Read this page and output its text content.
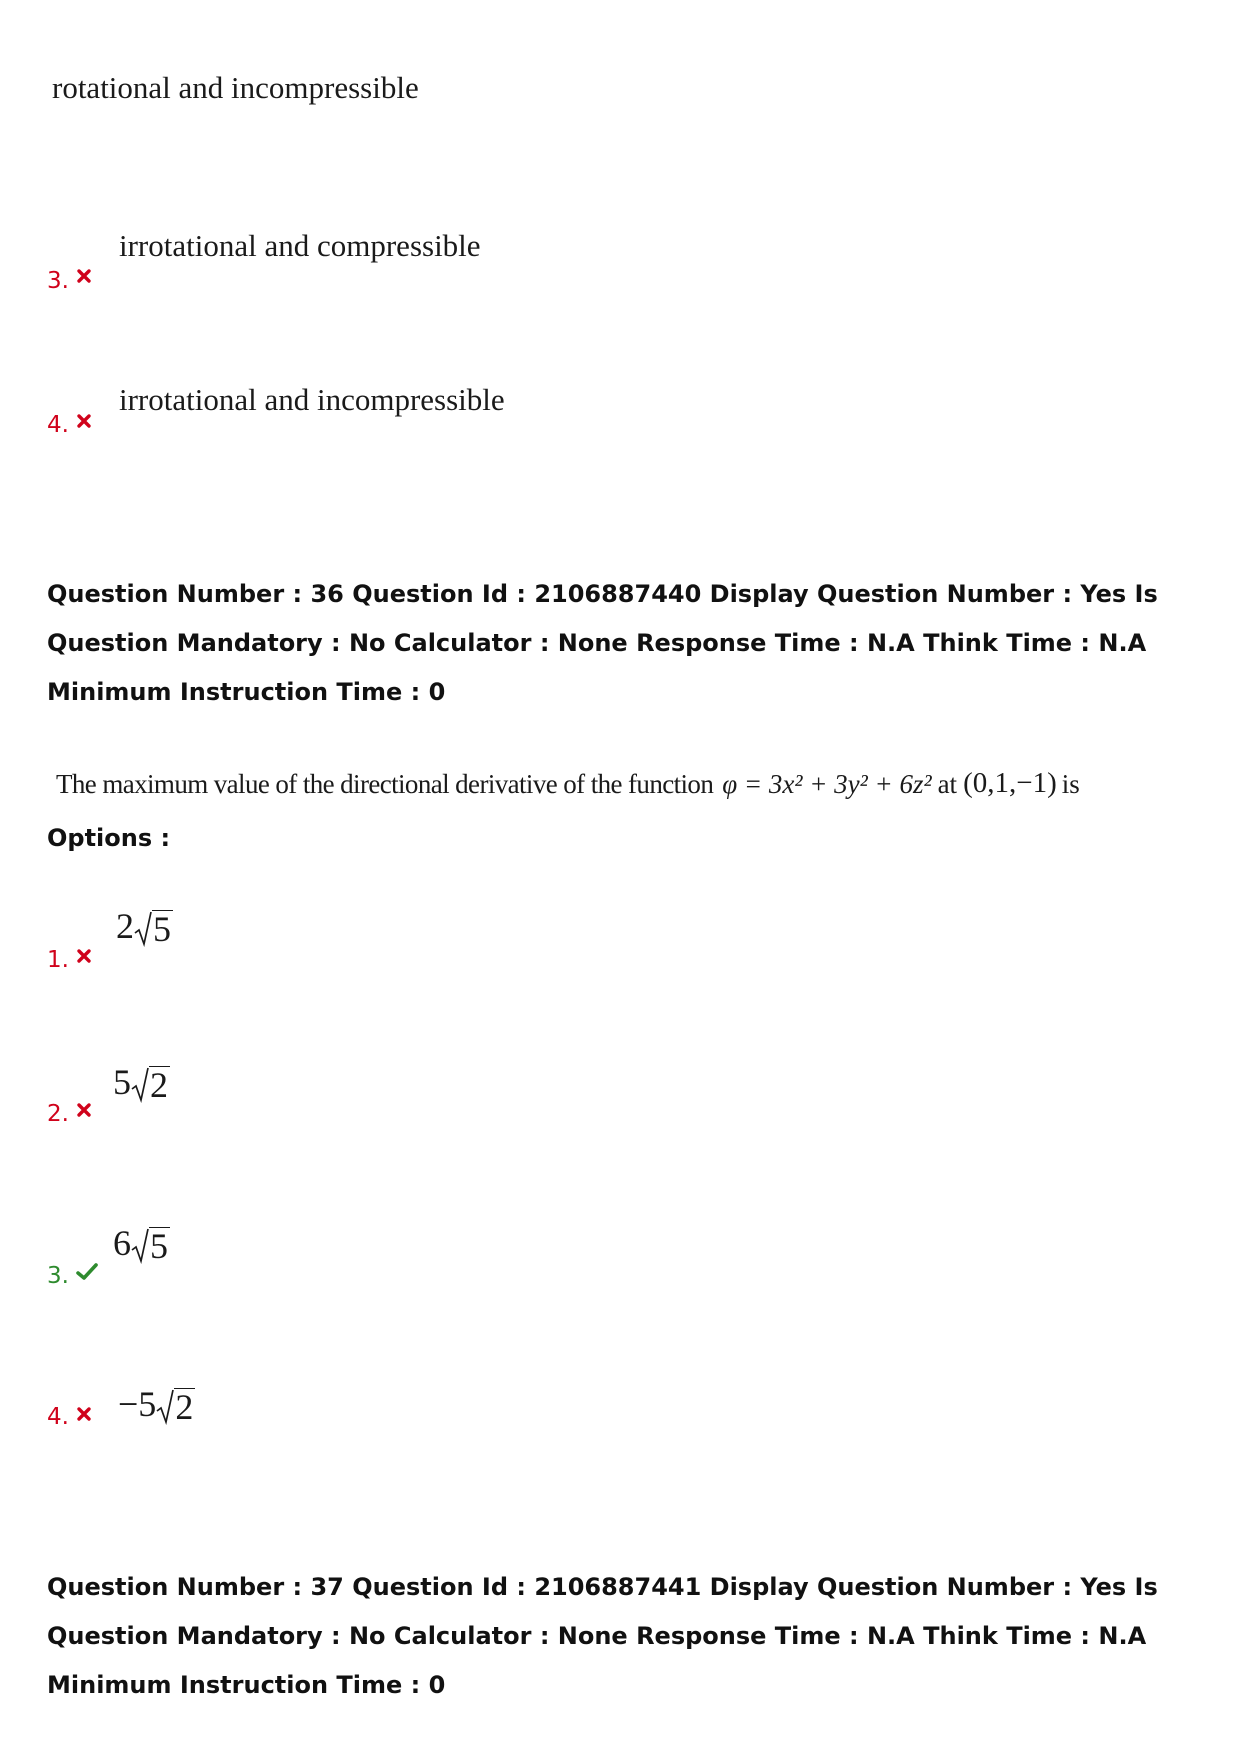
rotational and incompressible
3.
irrotational and compressible
4.
irrotational and incompressible
Question Number : 36 Question Id : 2106887440 Display Question Number : Yes Is Question Mandatory : No Calculator : None Response Time : N.A Think Time : N.A Minimum Instruction Time : 0
The maximum value of the directional derivative of the function φ = 3x² + 3y² + 6z² at (0,1,−1) is
Options :
1.
2 5
2.
5 2
3.
6 5
4. −5 2
Question Number : 37 Question Id : 2106887441 Display Question Number : Yes Is Question Mandatory : No Calculator : None Response Time : N.A Think Time : N.A Minimum Instruction Time : 0
